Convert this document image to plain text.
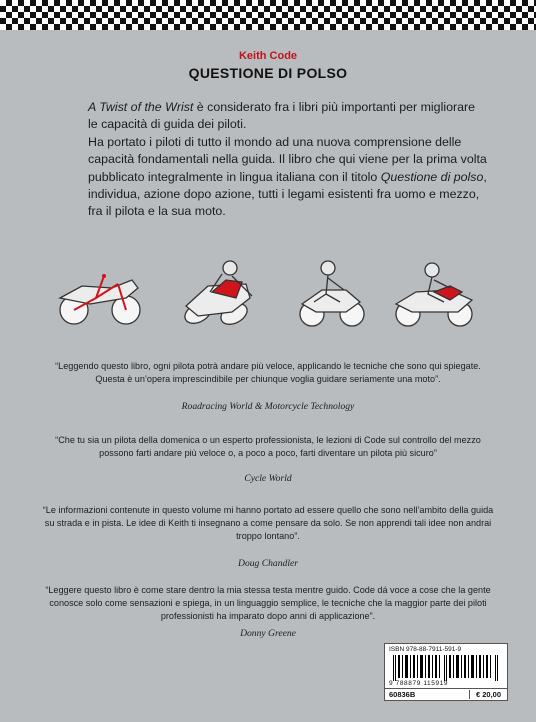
Keith Code
QUESTIONE DI POLSO

A Twist of the Wrist è considerato fra i libri più importanti per migliorare le capacità di guida dei piloti.

Ha portato i piloti di tutto il mondo ad una nuova comprensione delle capacità fondamentali nella guida. Il libro che qui viene per la prima volta pubblicato integralmente in lingua italiana con il titolo Questione di polso, individua, azione dopo azione, tutti i legami esistenti fra uomo e mezzo, fra il pilota e la sua moto.

“Leggendo questo libro, ogni pilota potrà andare più veloce, applicando le tecniche che sono qui spiegate. Questa è un’opera imprescindibile per chiunque voglia guidare seriamente una moto”.

Roadracing World & Motorcycle Technology

“Che tu sia un pilota della domenica o un esperto professionista, le lezioni di Code sul controllo del mezzo possono farti andare più veloce o, a poco a poco, farti diventare un pilota più sicuro”

Cycle World

“Le informazioni contenute in questo volume mi hanno portato ad essere quello che sono nell’ambito della guida su strada e in pista. Le idee di Keith ti insegnano a come pensare da solo. Se non apprendi tali idee non andrai troppo lontano”.

Doug Chandler

“Leggere questo libro è come stare dentro la mia stessa testa mentre guido. Code dá voce a cose che la gente conosce solo come sensazioni e spiega, in un linguaggio semplice, le tecniche che la maggior parte dei piloti professionisti ha imparato dopo anni di applicazione”.

Donny Greene
ISBN 978-88-7911-591-9
9 788879 115919
60836B	€ 20,00
